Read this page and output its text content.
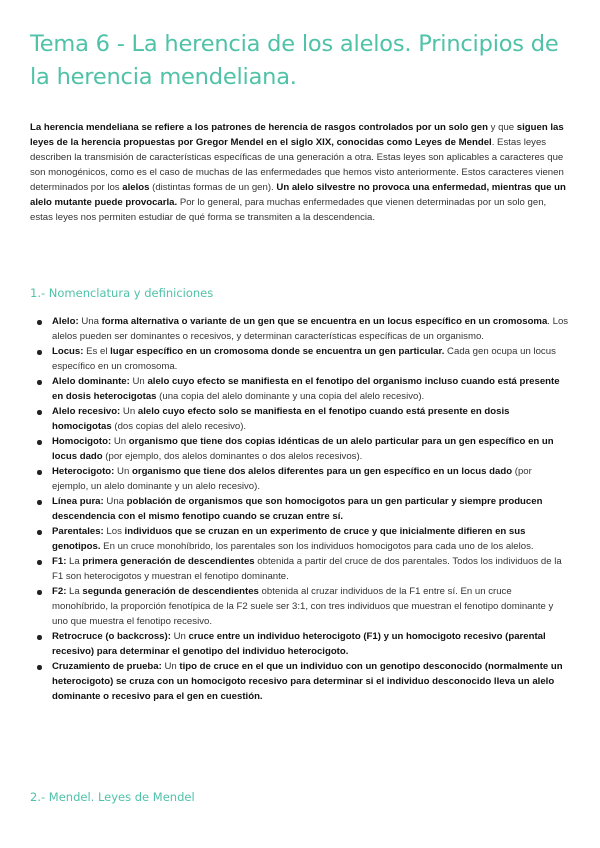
Tema 6 - La herencia de los alelos. Principios de la herencia mendeliana.

La herencia mendeliana se refiere a los patrones de herencia de rasgos controlados por un solo gen y que siguen las leyes de la herencia propuestas por Gregor Mendel en el siglo XIX, conocidas como Leyes de Mendel. Estas leyes describen la transmisión de características específicas de una generación a otra. Estas leyes son aplicables a caracteres que son monogénicos, como es el caso de muchas de las enfermedades que hemos visto anteriormente. Estos caracteres vienen determinados por los alelos (distintas formas de un gen). Un alelo silvestre no provoca una enfermedad, mientras que un alelo mutante puede provocarla. Por lo general, para muchas enfermedades que vienen determinadas por un solo gen, estas leyes nos permiten estudiar de qué forma se transmiten a la descendencia.

1.- Nomenclatura y definiciones
Alelo: Una forma alternativa o variante de un gen que se encuentra en un locus específico en un cromosoma. Los alelos pueden ser dominantes o recesivos, y determinan características específicas de un organismo.
Locus: Es el lugar específico en un cromosoma donde se encuentra un gen particular. Cada gen ocupa un locus específico en un cromosoma.
Alelo dominante: Un alelo cuyo efecto se manifiesta en el fenotipo del organismo incluso cuando está presente en dosis heterocigotas (una copia del alelo dominante y una copia del alelo recesivo).
Alelo recesivo: Un alelo cuyo efecto solo se manifiesta en el fenotipo cuando está presente en dosis homocigotas (dos copias del alelo recesivo).
Homocigoto: Un organismo que tiene dos copias idénticas de un alelo particular para un gen específico en un locus dado (por ejemplo, dos alelos dominantes o dos alelos recesivos).
Heterocigoto: Un organismo que tiene dos alelos diferentes para un gen específico en un locus dado (por ejemplo, un alelo dominante y un alelo recesivo).
Línea pura: Una población de organismos que son homocigotos para un gen particular y siempre producen descendencia con el mismo fenotipo cuando se cruzan entre sí.
Parentales: Los individuos que se cruzan en un experimento de cruce y que inicialmente difieren en sus genotipos. En un cruce monohíbrido, los parentales son los individuos homocigotos para cada uno de los alelos.
F1: La primera generación de descendientes obtenida a partir del cruce de dos parentales. Todos los individuos de la F1 son heterocigotos y muestran el fenotipo dominante.
F2: La segunda generación de descendientes obtenida al cruzar individuos de la F1 entre sí. En un cruce monohíbrido, la proporción fenotípica de la F2 suele ser 3:1, con tres individuos que muestran el fenotipo dominante y uno que muestra el fenotipo recesivo.
Retrocruce (o backcross): Un cruce entre un individuo heterocigoto (F1) y un homocigoto recesivo (parental recesivo) para determinar el genotipo del individuo heterocigoto.
Cruzamiento de prueba: Un tipo de cruce en el que un individuo con un genotipo desconocido (normalmente un heterocigoto) se cruza con un homocigoto recesivo para determinar si el individuo desconocido lleva un alelo dominante o recesivo para el gen en cuestión.
2.- Mendel. Leyes de Mendel
